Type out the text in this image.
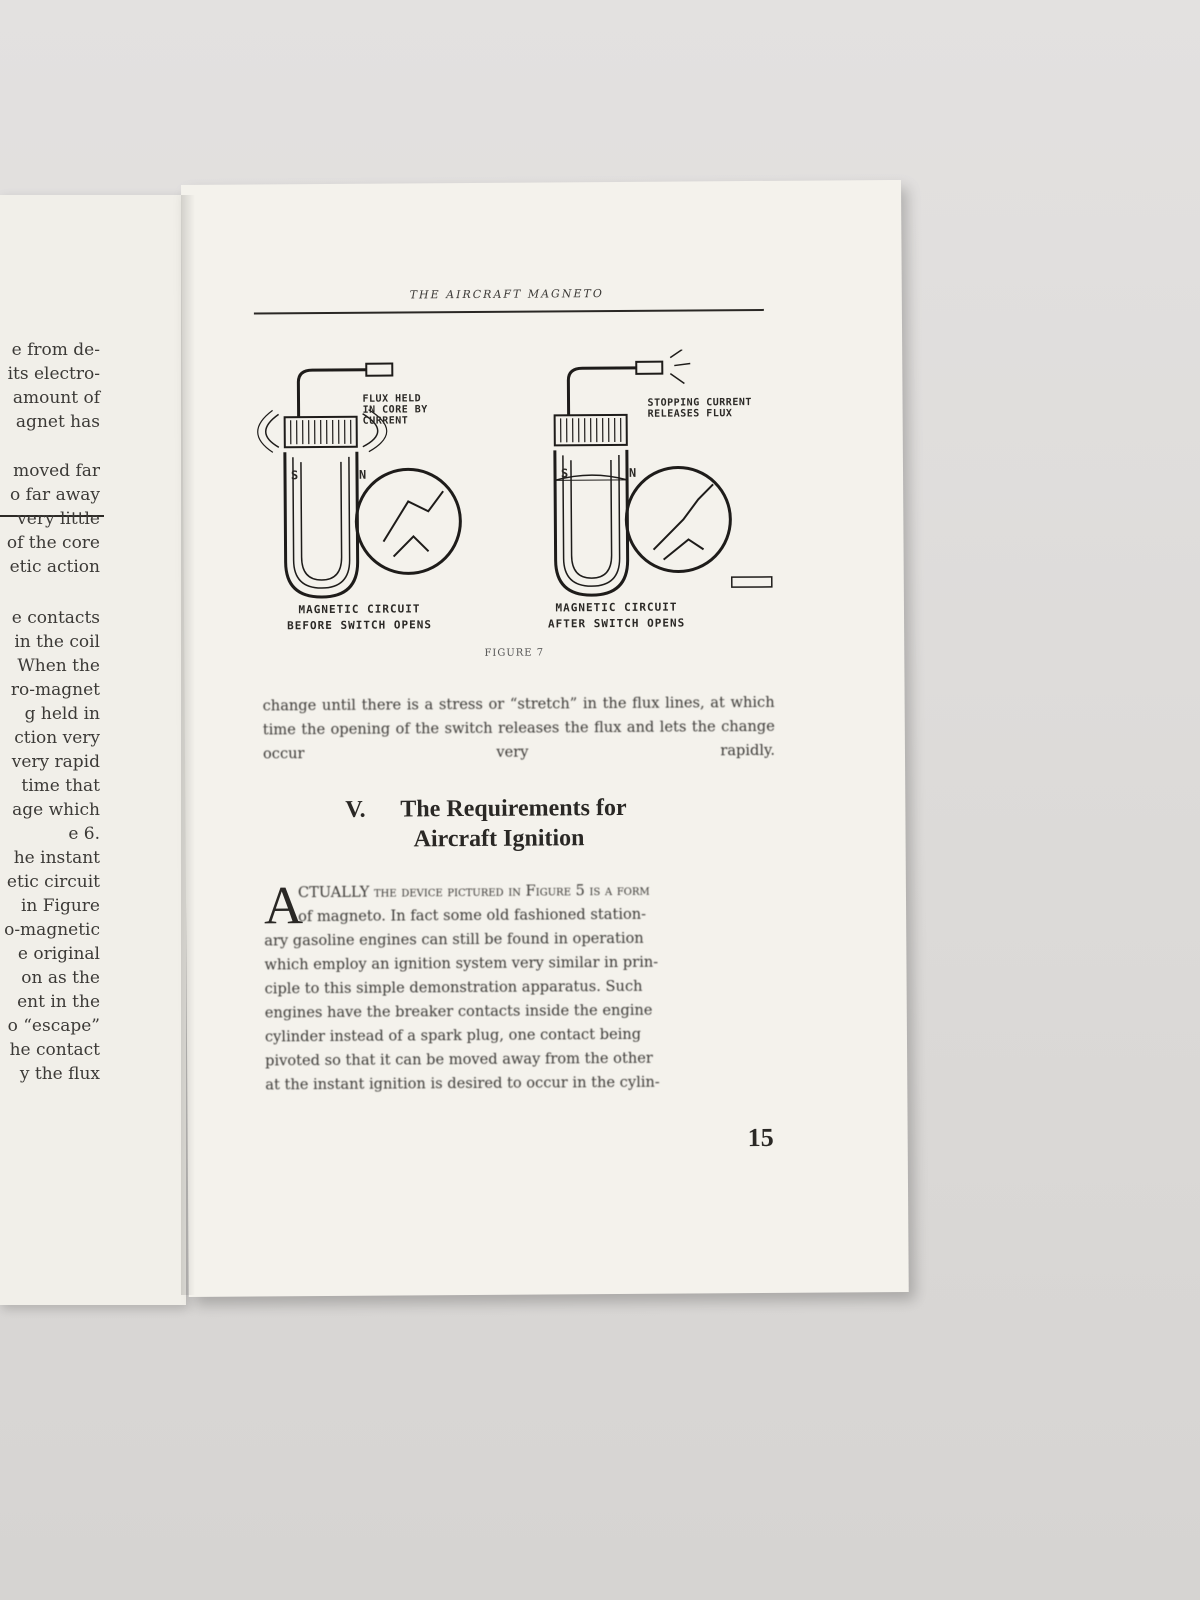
e from de-
its electro-
amount of
agnet has
moved far
o far away
very little
of the core
etic action
e contacts
in the coil
When the
ro-magnet
g held in
ction very
very rapid
time that
age which
e 6.
he instant
etic circuit
in Figure
o-magnetic
e original
on as the
ent in the
o “escape”
he contact
y the flux
THE AIRCRAFT MAGNETO
FLUX HELD
IN CORE BY
CURRENT
STOPPING CURRENT
RELEASES FLUX
S	N	S	N
MAGNETIC CIRCUIT
BEFORE SWITCH OPENS
MAGNETIC CIRCUIT
AFTER SWITCH OPENS
FIGURE 7
change until there is a stress or “stretch” in the flux lines, at which time the opening of the switch releases the flux and lets the change occur very rapidly.
V. The Requirements for
Aircraft Ignition
A
CTUALLY the device pictured in Figure 5 is a form
of magneto. In fact some old fashioned station-
ary gasoline engines can still be found in operation
which employ an ignition system very similar in prin-
ciple to this simple demonstration apparatus. Such
engines have the breaker contacts inside the engine
cylinder instead of a spark plug, one contact being
pivoted so that it can be moved away from the other
at the instant ignition is desired to occur in the cylin-
15
